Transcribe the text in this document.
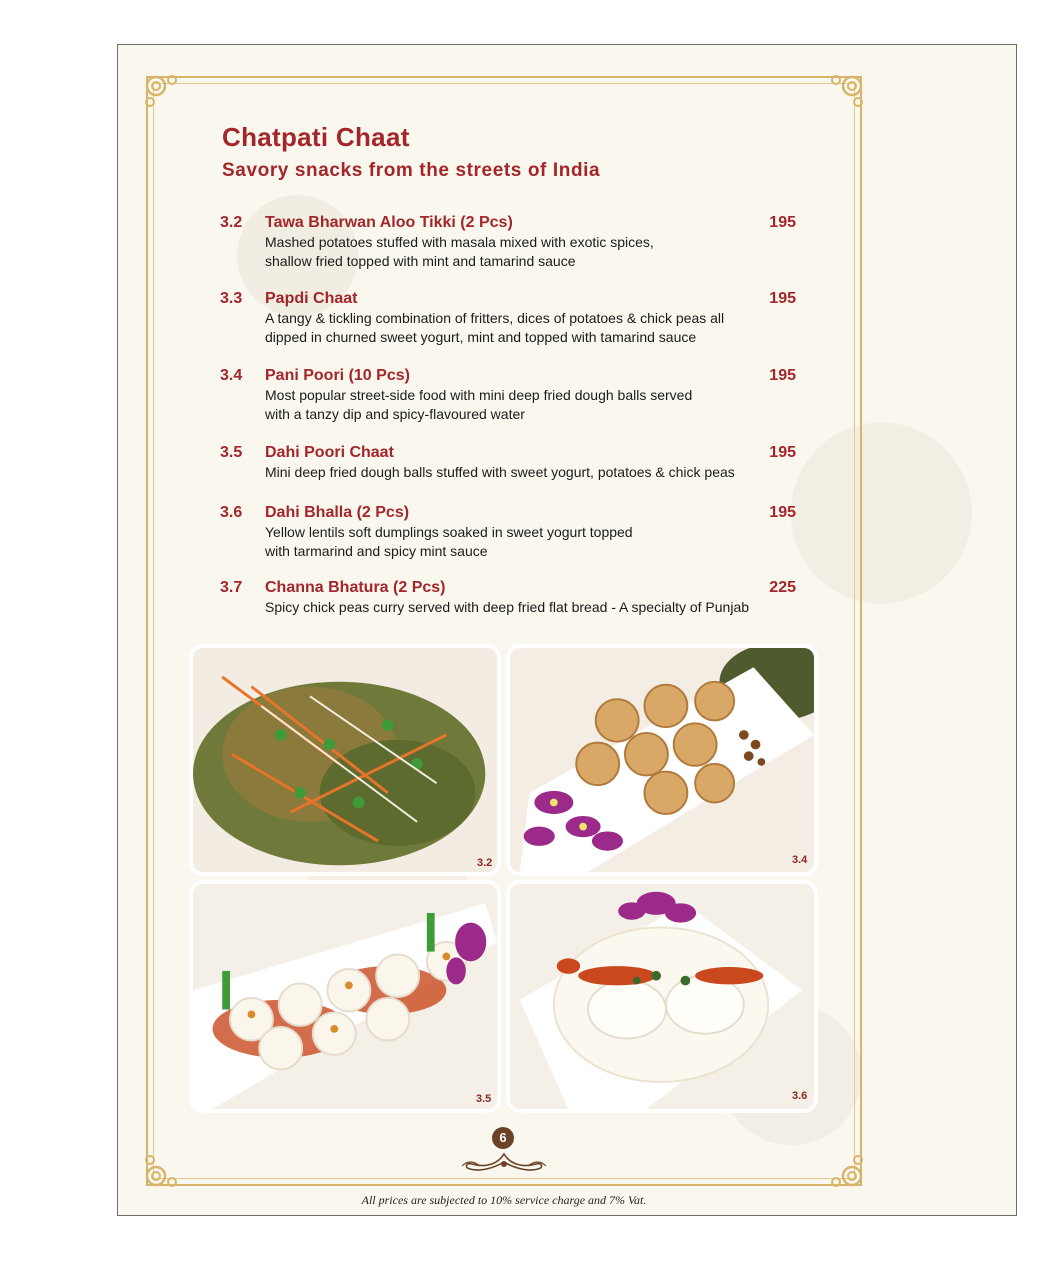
Chatpati Chaat
Savory snacks from the streets of India
3.2 Tawa Bharwan Aloo Tikki (2 Pcs)	195

Mashed potatoes stuffed with masala mixed with exotic spices,
shallow fried topped with mint and tamarind sauce

3.3 Papdi Chaat	195

A tangy & tickling combination of fritters, dices of potatoes & chick peas all
dipped in churned sweet yogurt, mint and topped with tamarind sauce

3.4 Pani Poori (10 Pcs)	195

Most popular street-side food with mini deep fried dough balls served
with a tanzy dip and spicy-flavoured water

3.5 Dahi Poori Chaat	195

Mini deep fried dough balls stuffed with sweet yogurt, potatoes & chick peas

3.6 Dahi Bhalla (2 Pcs)	195

Yellow lentils soft dumplings soaked in sweet yogurt topped
with tarmarind and spicy mint sauce

3.7 Channa Bhatura (2 Pcs)	225

Spicy chick peas curry served with deep fried flat bread - A specialty of Punjab

3.2	3.4
3.5	3.6
6
All prices are subjected to 10% service charge and 7% Vat.
